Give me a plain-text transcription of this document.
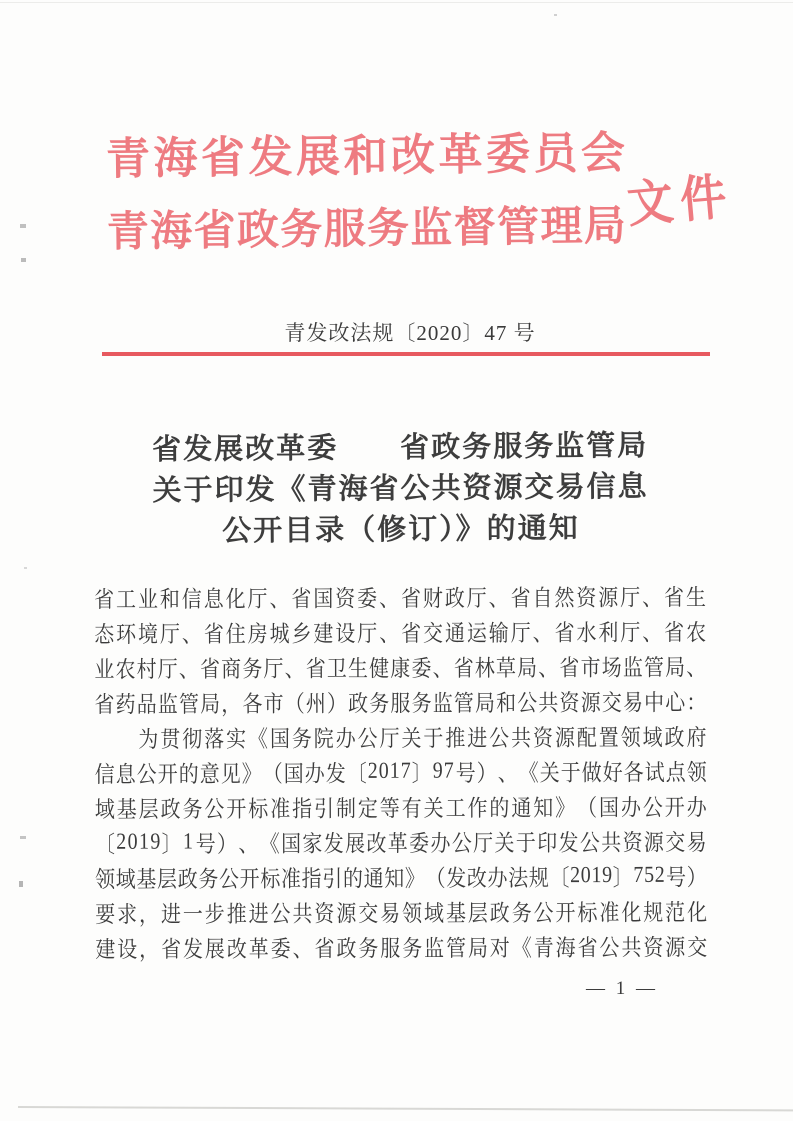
青 海 省 发 展 和 改 革 委 员 会
青 海 省 政 务 服 务 监 督 管 理 局
文件
青发改法规〔2020〕47 号
省发展改革委　　省政务服务监管局
关于印发《青海省公共资源交易信息
公开目录（修订）》的通知
省 工 业 和 信 息 化 厅 、 省 国 资 委 、 省 财 政 厅 、 省 自 然 资 源 厅 、 省 生
态 环 境 厅 、 省 住 房 城 乡 建 设 厅 、 省 交 通 运 输 厅 、 省 水 利 厅 、 省 农
业 农 村 厅 、 省 商 务 厅 、 省 卫 生 健 康 委 、 省 林 草 局 、 省 市 场 监 管 局 、
省 药 品 监 管 局 ， 各 市 （ 州 ） 政 务 服 务 监 管 局 和 公 共 资 源 交 易 中 心 ：

为 贯 彻 落 实 《 国 务 院 办 公 厅 关 于 推 进 公 共 资 源 配 置 领 域 政 府
信 息 公 开 的 意 见 》 （ 国 办 发 〔 2 0 1 7 〕 9 7 号 ） 、 《 关 于 做 好 各 试 点 领
域 基 层 政 务 公 开 标 准 指 引 制 定 等 有 关 工 作 的 通 知 》 （ 国 办 公 开 办
〔 2 0 1 9 〕 1 号 ） 、 《 国 家 发 展 改 革 委 办 公 厅 关 于 印 发 公 共 资 源 交 易
领 域 基 层 政 务 公 开 标 准 指 引 的 通 知 》 （ 发 改 办 法 规 〔 2 0 1 9 〕 7 5 2 号 ）
要 求 ， 进 一 步 推 进 公 共 资 源 交 易 领 域 基 层 政 务 公 开 标 准 化 规 范 化
建 设 ， 省 发 展 改 革 委 、 省 政 务 服 务 监 管 局 对 《 青 海 省 公 共 资 源 交
— 1 —
